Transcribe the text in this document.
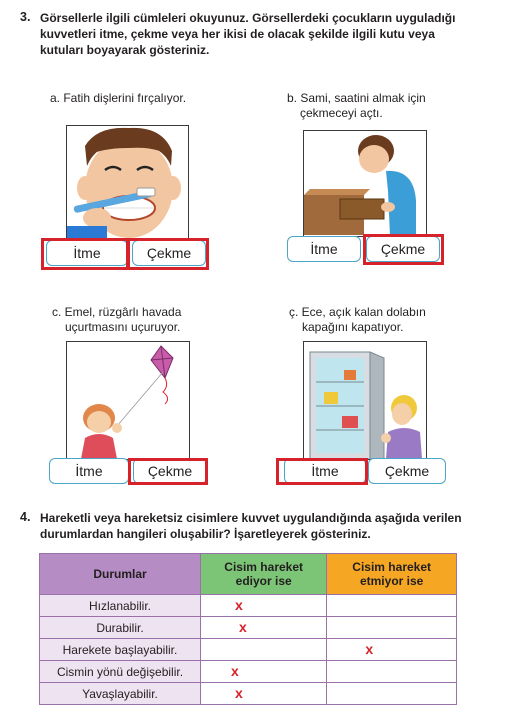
3. Görsellerle ilgili cümleleri okuyunuz. Görsellerdeki çocukların uyguladığı
kuvvetleri itme, çekme veya her ikisi de olacak şekilde ilgili kutu veya
kutuları boyayarak gösteriniz.
a. Fatih dişlerini fırçalıyor.
İtme	Çekme
b. Sami, saatini almak için
çekmeceyi açtı.
İtme	Çekme
c. Emel, rüzgârlı havada
uçurtmasını uçuruyor.
İtme	Çekme
ç. Ece, açık kalan dolabın
kapağını kapatıyor.
İtme	Çekme
4. Hareketli veya hareketsiz cisimlere kuvvet uygulandığında aşağıda verilen
durumlardan hangileri oluşabilir? İşaretleyerek gösteriniz.
Durumlar	Cisim hareket ediyor ise	Cisim hareket etmiyor ise
Hızlanabilir.	x	

Durabilir.	x	

Harekete başlayabilir.		x

Cismin yönü değişebilir.	x	

Yavaşlayabilir.	x	
